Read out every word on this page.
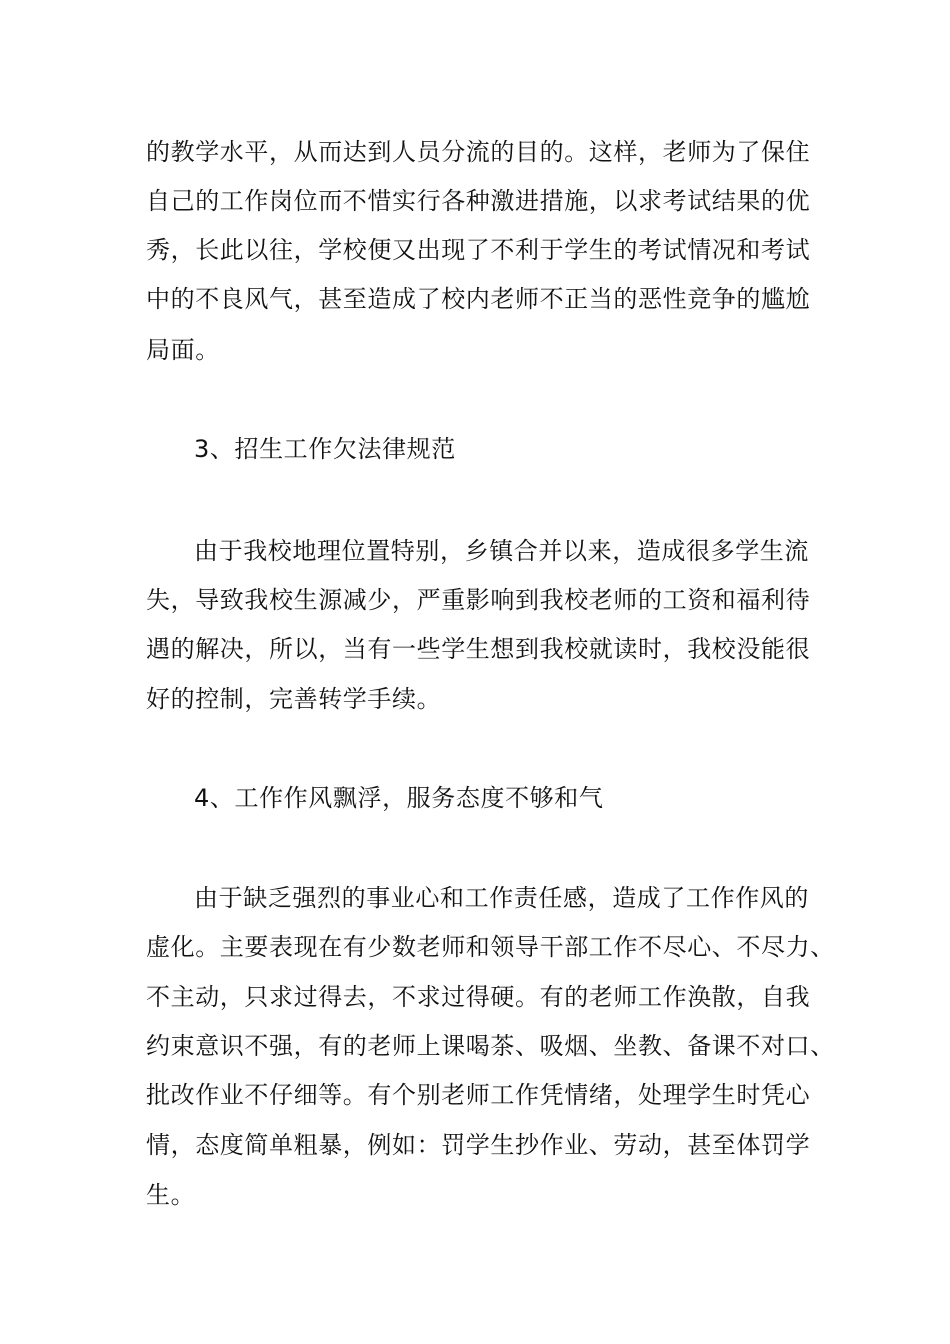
的教学水平，从而达到人员分流的目的。这样，老师为了保住
自己的工作岗位而不惜实行各种激进措施，以求考试结果的优
秀，长此以往，学校便又出现了不利于学生的考试情况和考试
中的不良风气，甚至造成了校内老师不正当的恶性竞争的尴尬
局面。
3、招生工作欠法律规范
由于我校地理位置特别，乡镇合并以来，造成很多学生流
失，导致我校生源减少，严重影响到我校老师的工资和福利待
遇的解决，所以，当有一些学生想到我校就读时，我校没能很
好的控制，完善转学手续。
4、工作作风飘浮，服务态度不够和气
由于缺乏强烈的事业心和工作责任感，造成了工作作风的
虚化。主要表现在有少数老师和领导干部工作不尽心、不尽力、
不主动，只求过得去，不求过得硬。有的老师工作涣散，自我
约束意识不强，有的老师上课喝茶、吸烟、坐教、备课不对口、
批改作业不仔细等。有个别老师工作凭情绪，处理学生时凭心
情，态度简单粗暴，例如：罚学生抄作业、劳动，甚至体罚学
生。
